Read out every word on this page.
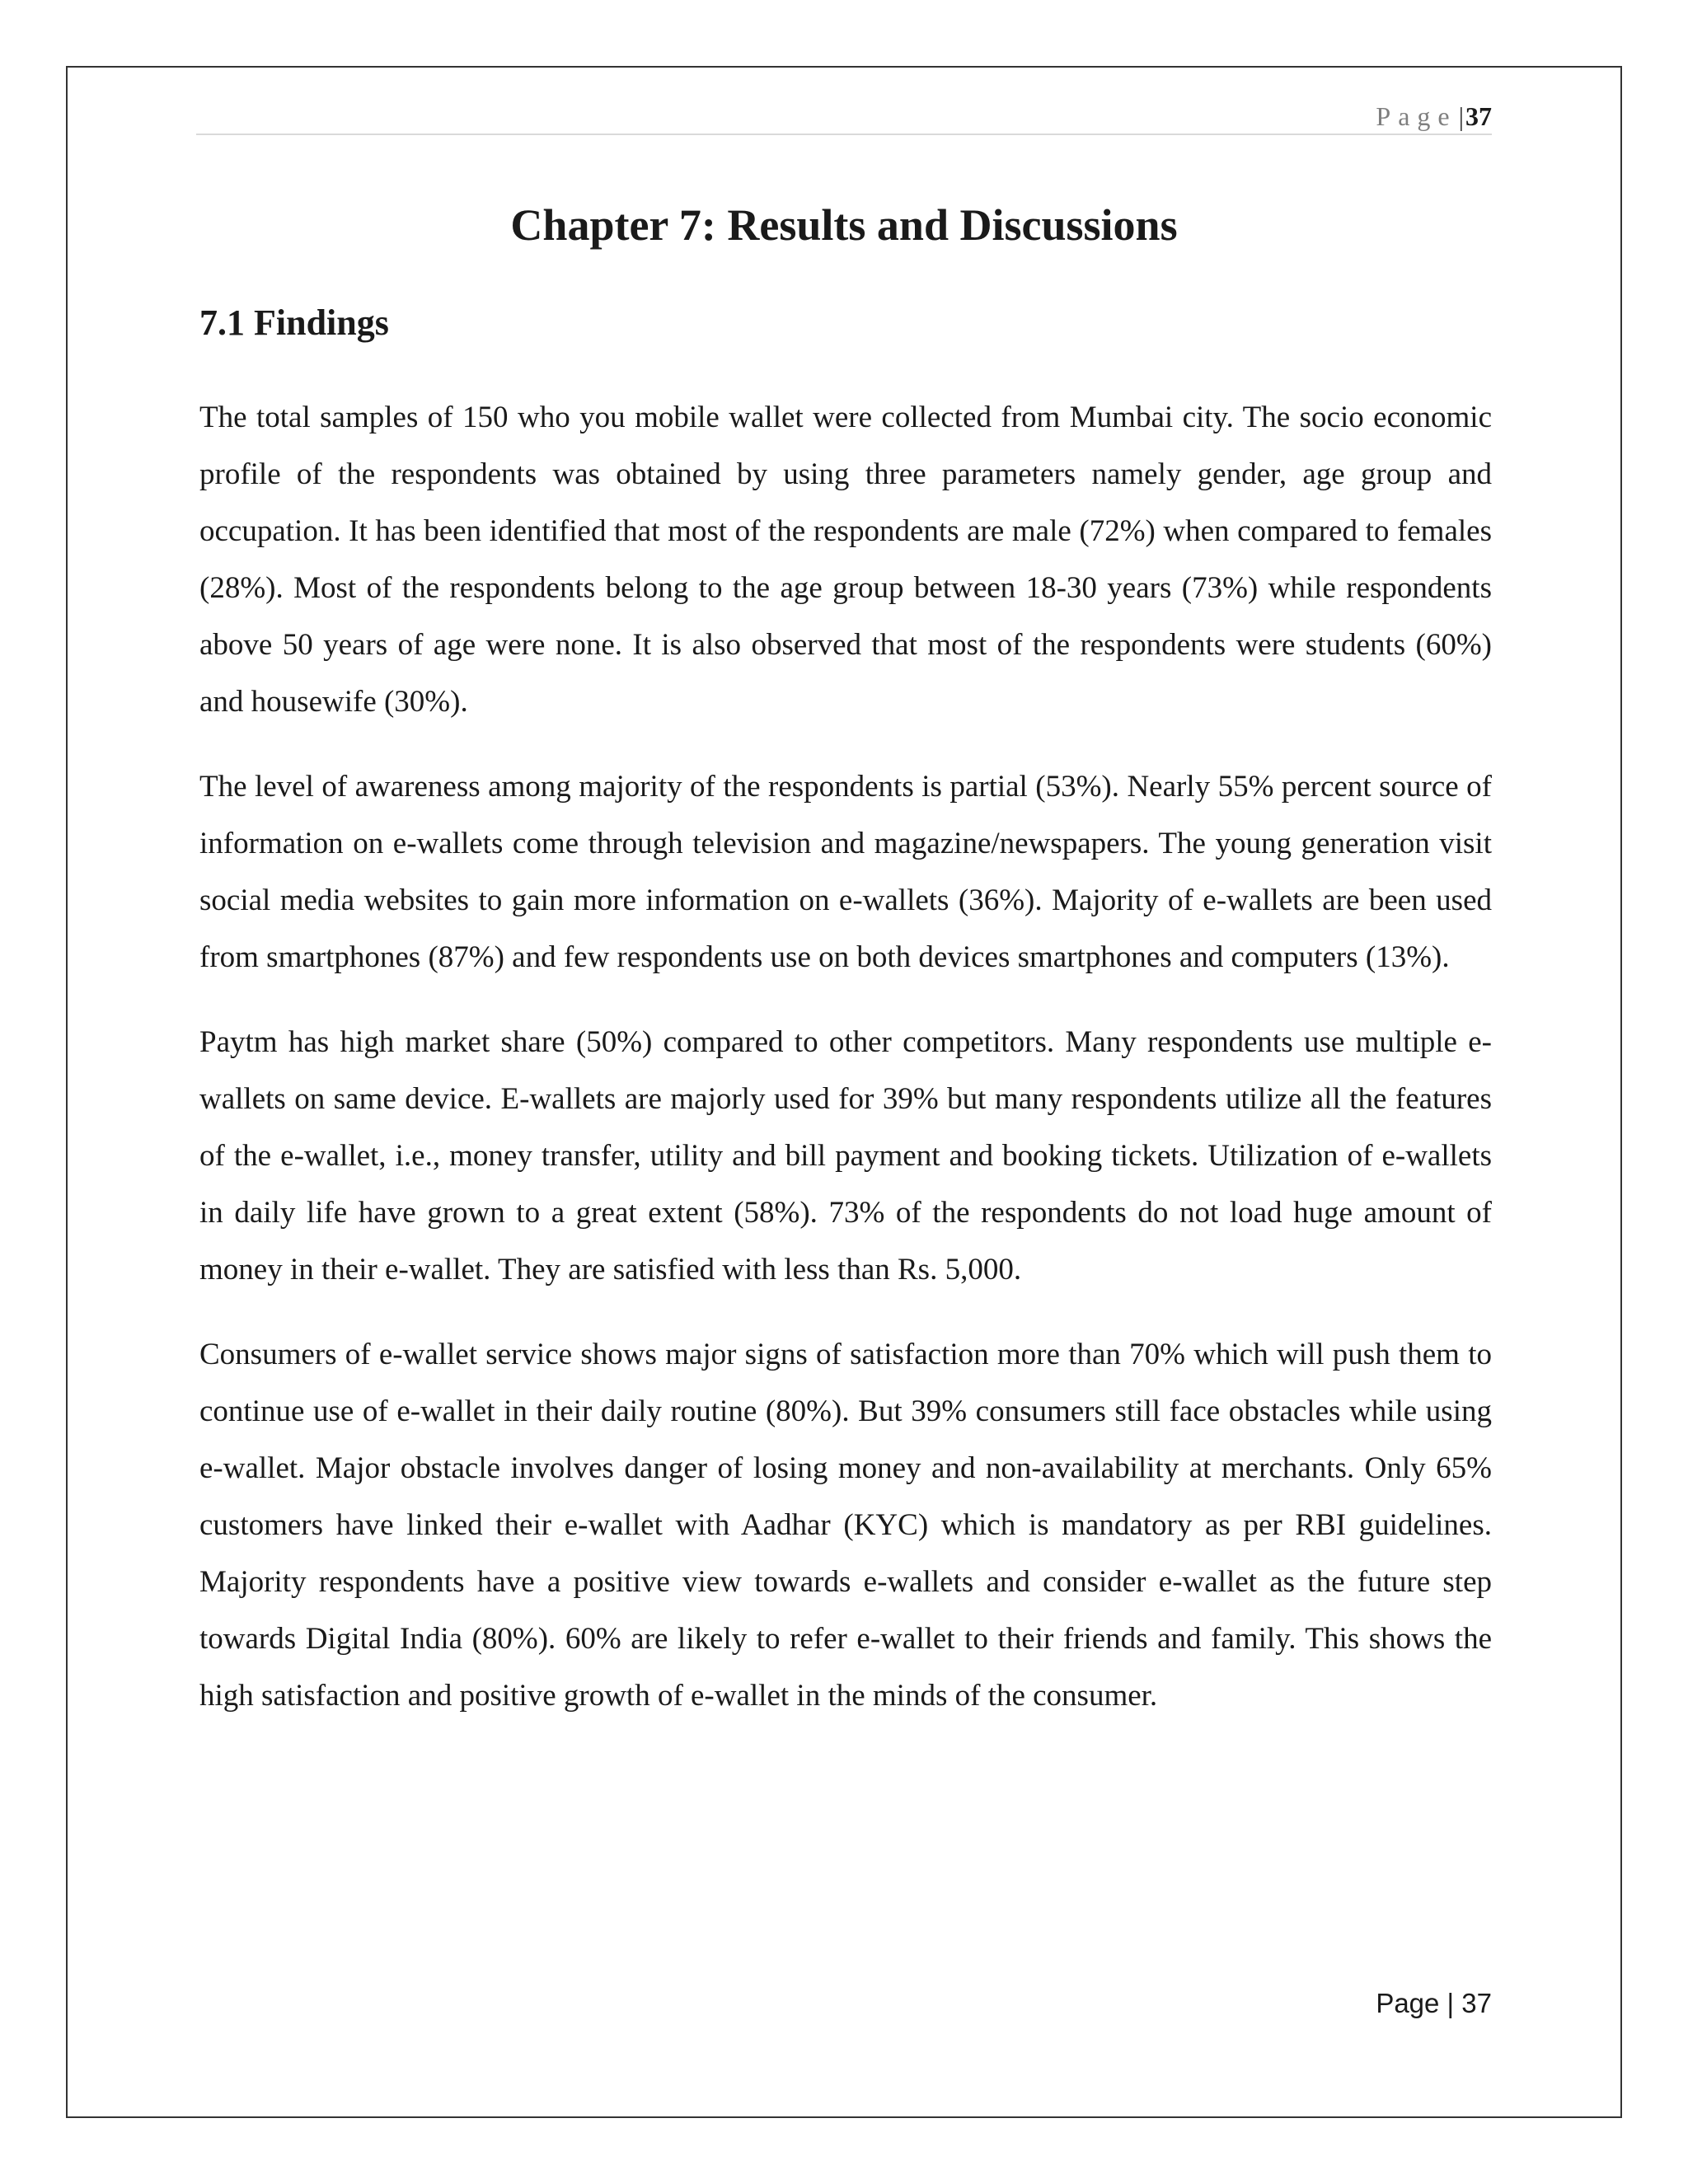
Page|37
Chapter 7: Results and Discussions
7.1 Findings

The total samples of 150 who you mobile wallet were collected from Mumbai city. The socio economic profile of the respondents was obtained by using three parameters namely gender, age group and occupation. It has been identified that most of the respondents are male (72%) when compared to females (28%). Most of the respondents belong to the age group between 18-30 years (73%) while respondents above 50 years of age were none. It is also observed that most of the respondents were students (60%) and housewife (30%).

The level of awareness among majority of the respondents is partial (53%). Nearly 55% percent source of information on e-wallets come through television and magazine/newspapers. The young generation visit social media websites to gain more information on e-wallets (36%). Majority of e-wallets are been used from smartphones (87%) and few respondents use on both devices smartphones and computers (13%).

Paytm has high market share (50%) compared to other competitors. Many respondents use multiple e-wallets on same device. E-wallets are majorly used for 39% but many respondents utilize all the features of the e-wallet, i.e., money transfer, utility and bill payment and booking tickets. Utilization of e-wallets in daily life have grown to a great extent (58%). 73% of the respondents do not load huge amount of money in their e-wallet. They are satisfied with less than Rs. 5,000.

Consumers of e-wallet service shows major signs of satisfaction more than 70% which will push them to continue use of e-wallet in their daily routine (80%). But 39% consumers still face obstacles while using e-wallet. Major obstacle involves danger of losing money and non-availability at merchants. Only 65% customers have linked their e-wallet with Aadhar (KYC) which is mandatory as per RBI guidelines. Majority respondents have a positive view towards e-wallets and consider e-wallet as the future step towards Digital India (80%). 60% are likely to refer e-wallet to their friends and family. This shows the high satisfaction and positive growth of e-wallet in the minds of the consumer.

Page | 37
